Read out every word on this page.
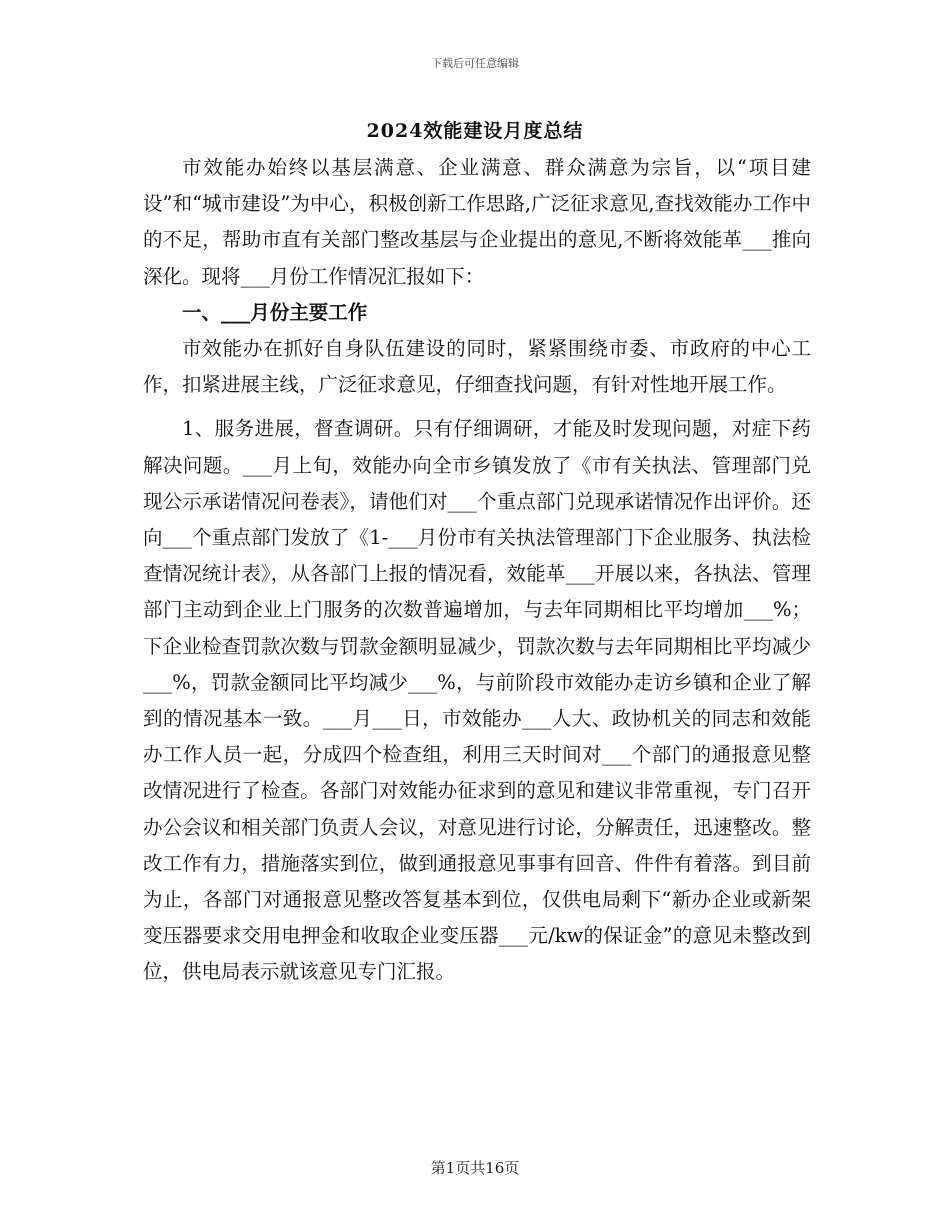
下载后可任意编辑
2024效能建设月度总结

市效能办始终以基层满意、企业满意、群众满意为宗旨，以“项目建设”和“城市建设”为中心，积极创新工作思路,广泛征求意见,查找效能办工作中的不足，帮助市直有关部门整改基层与企业提出的意见,不断将效能革___推向深化。现将___月份工作情况汇报如下：

一、___月份主要工作

市效能办在抓好自身队伍建设的同时，紧紧围绕市委、市政府的中心工作，扣紧进展主线，广泛征求意见，仔细查找问题，有针对性地开展工作。

1、服务进展，督查调研。只有仔细调研，才能及时发现问题，对症下药解决问题。___月上旬，效能办向全市乡镇发放了《市有关执法、管理部门兑现公示承诺情况问卷表》，请他们对___个重点部门兑现承诺情况作出评价。还向___个重点部门发放了《1-___月份市有关执法管理部门下企业服务、执法检查情况统计表》，从各部门上报的情况看，效能革___开展以来，各执法、管理部门主动到企业上门服务的次数普遍增加，与去年同期相比平均增加___%；下企业检查罚款次数与罚款金额明显减少，罚款次数与去年同期相比平均减少___%，罚款金额同比平均减少___%，与前阶段市效能办走访乡镇和企业了解到的情况基本一致。___月___日，市效能办___人大、政协机关的同志和效能办工作人员一起，分成四个检查组，利用三天时间对___个部门的通报意见整改情况进行了检查。各部门对效能办征求到的意见和建议非常重视，专门召开办公会议和相关部门负责人会议，对意见进行讨论，分解责任，迅速整改。整改工作有力，措施落实到位，做到通报意见事事有回音、件件有着落。到目前为止，各部门对通报意见整改答复基本到位，仅供电局剩下“新办企业或新架变压器要求交用电押金和收取企业变压器___元/kw的保证金”的意见未整改到位，供电局表示就该意见专门汇报。

第1页共16页
